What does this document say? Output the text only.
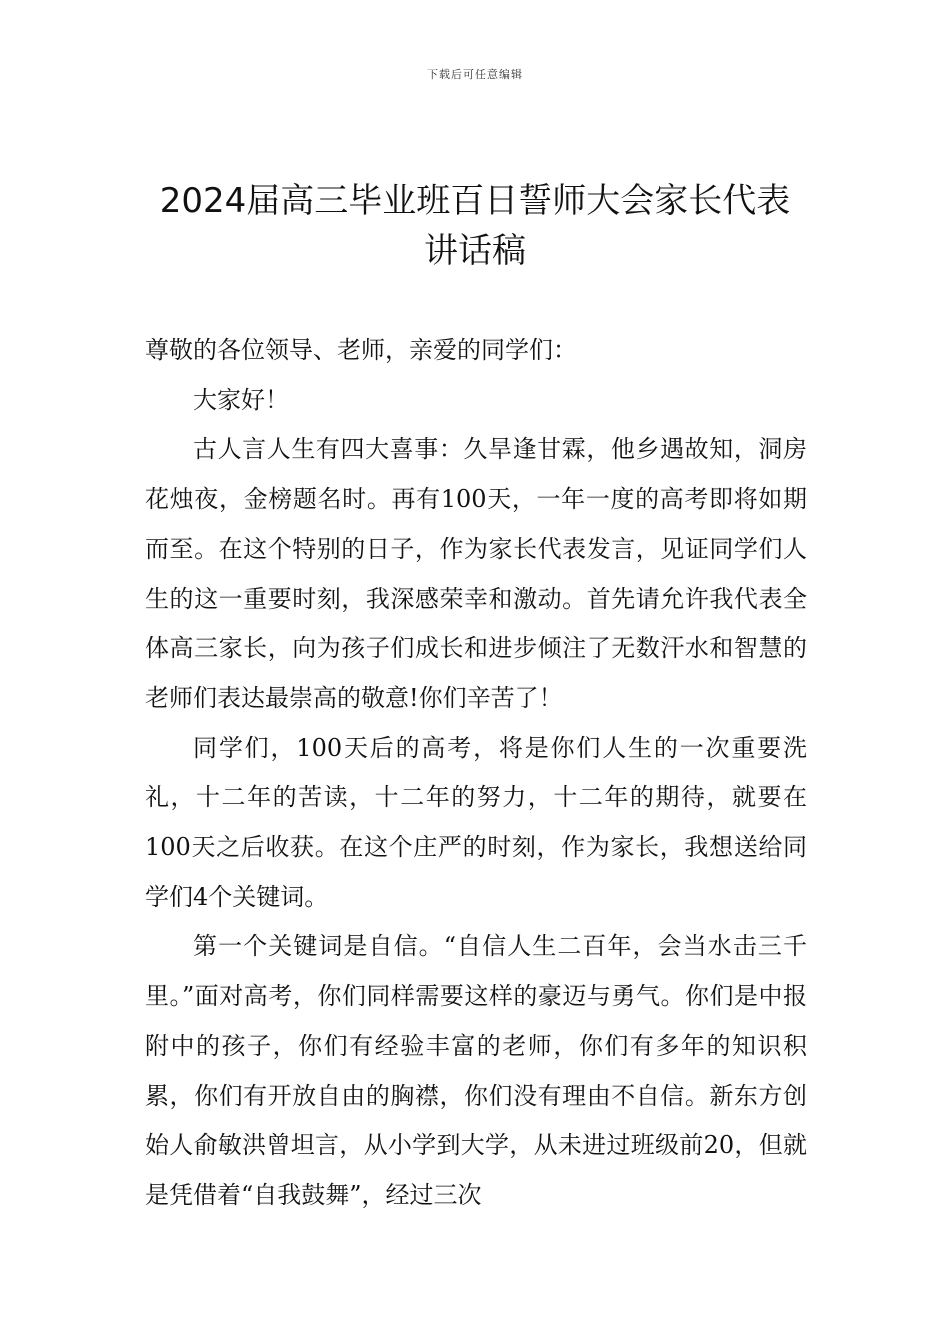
下载后可任意编辑
2024届高三毕业班百日誓师大会家长代表
讲话稿

尊敬的各位领导、老师，亲爱的同学们：

大家好！

古人言人生有四大喜事：久旱逢甘霖，他乡遇故知，洞房花烛夜，金榜题名时。再有100天，一年一度的高考即将如期而至。在这个特别的日子，作为家长代表发言，见证同学们人生的这一重要时刻，我深感荣幸和激动。首先请允许我代表全体高三家长，向为孩子们成长和进步倾注了无数汗水和智慧的老师们表达最崇高的敬意!你们辛苦了！

同学们，100天后的高考，将是你们人生的一次重要洗礼，十二年的苦读，十二年的努力，十二年的期待，就要在100天之后收获。在这个庄严的时刻，作为家长，我想送给同学们4个关键词。

第一个关键词是自信。“自信人生二百年，会当水击三千里。”面对高考，你们同样需要这样的豪迈与勇气。你们是中报附中的孩子，你们有经验丰富的老师，你们有多年的知识积累，你们有开放自由的胸襟，你们没有理由不自信。新东方创始人俞敏洪曾坦言，从小学到大学，从未进过班级前20，但就是凭借着“自我鼓舞”，经过三次
